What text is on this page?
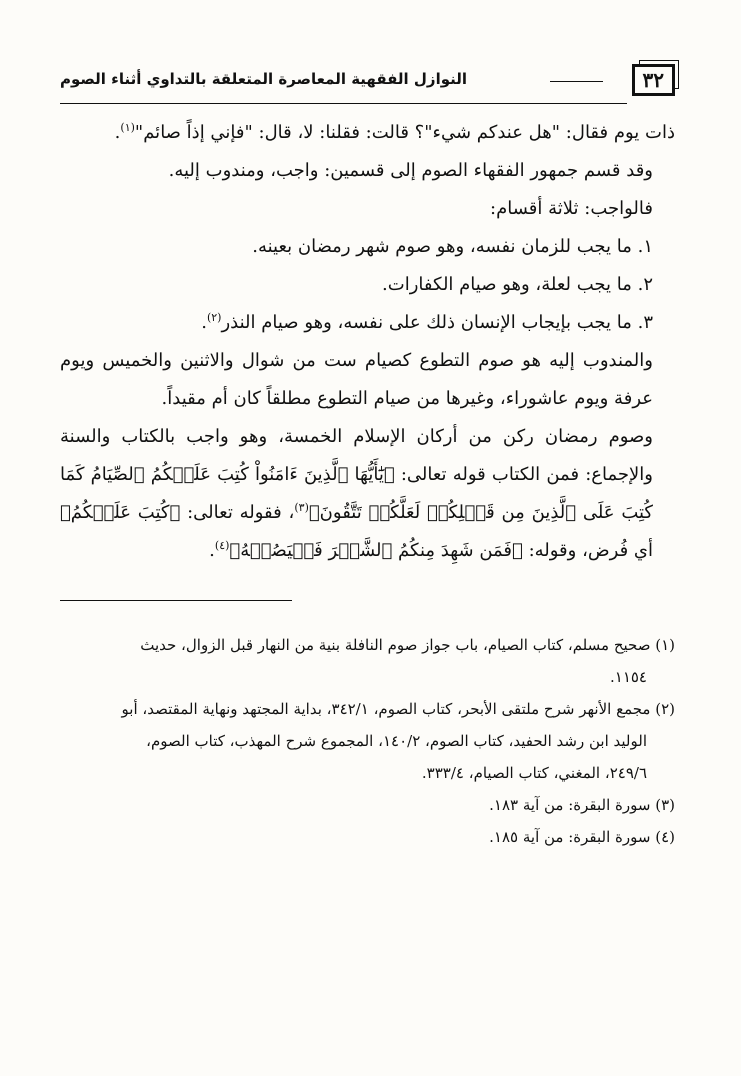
٣٢
النوازل الفقهية المعاصرة المتعلقة بالتداوي أثناء الصوم

ذات يوم فقال: "هل عندكم شيء"؟ قالت: فقلنا: لا، قال: "فإني إذاً صائم"$^{(١)}$.

وقد قسم جمهور الفقهاء الصوم إلى قسمين: واجب، ومندوب إليه.

فالواجب: ثلاثة أقسام:

١. ما يجب للزمان نفسه، وهو صوم شهر رمضان بعينه.

٢. ما يجب لعلة، وهو صيام الكفارات.

٣. ما يجب بإيجاب الإنسان ذلك على نفسه، وهو صيام النذر$^{(٢)}$.

والمندوب إليه هو صوم التطوع كصيام ست من شوال والاثنين والخميس ويوم عرفة ويوم عاشوراء، وغيرها من صيام التطوع مطلقاً كان أم مقيداً.

وصوم رمضان ركن من أركان الإسلام الخمسة، وهو واجب بالكتاب والسنة والإجماع: فمن الكتاب قوله تعالى: ﴿يَٰٓأَيُّهَا ٱلَّذِينَ ءَامَنُواْ كُتِبَ عَلَيۡكُمُ ٱلصِّيَامُ كَمَا كُتِبَ عَلَى ٱلَّذِينَ مِن قَبۡلِكُمۡ لَعَلَّكُمۡ تَتَّقُونَ﴾$^{(٣)}$، فقوله تعالى: ﴿كُتِبَ عَلَيۡكُمُ﴾ أي فُرض، وقوله: ﴿فَمَن شَهِدَ مِنكُمُ ٱلشَّهۡرَ فَلۡيَصُمۡهُ﴾$^{(٤)}$.

(١) صحيح مسلم، كتاب الصيام، باب جواز صوم النافلة بنية من النهار قبل الزوال، حديث

١١٥٤.

(٢) مجمع الأنهر شرح ملتقى الأبحر، كتاب الصوم، ٣٤٢/١، بداية المجتهد ونهاية المقتصد، أبو

الوليد ابن رشد الحفيد، كتاب الصوم، ١٤٠/٢، المجموع شرح المهذب، كتاب الصوم،

٢٤٩/٦، المغني، كتاب الصيام، ٣٣٣/٤.

(٣) سورة البقرة: من آية ١٨٣.

(٤) سورة البقرة: من آية ١٨٥.
